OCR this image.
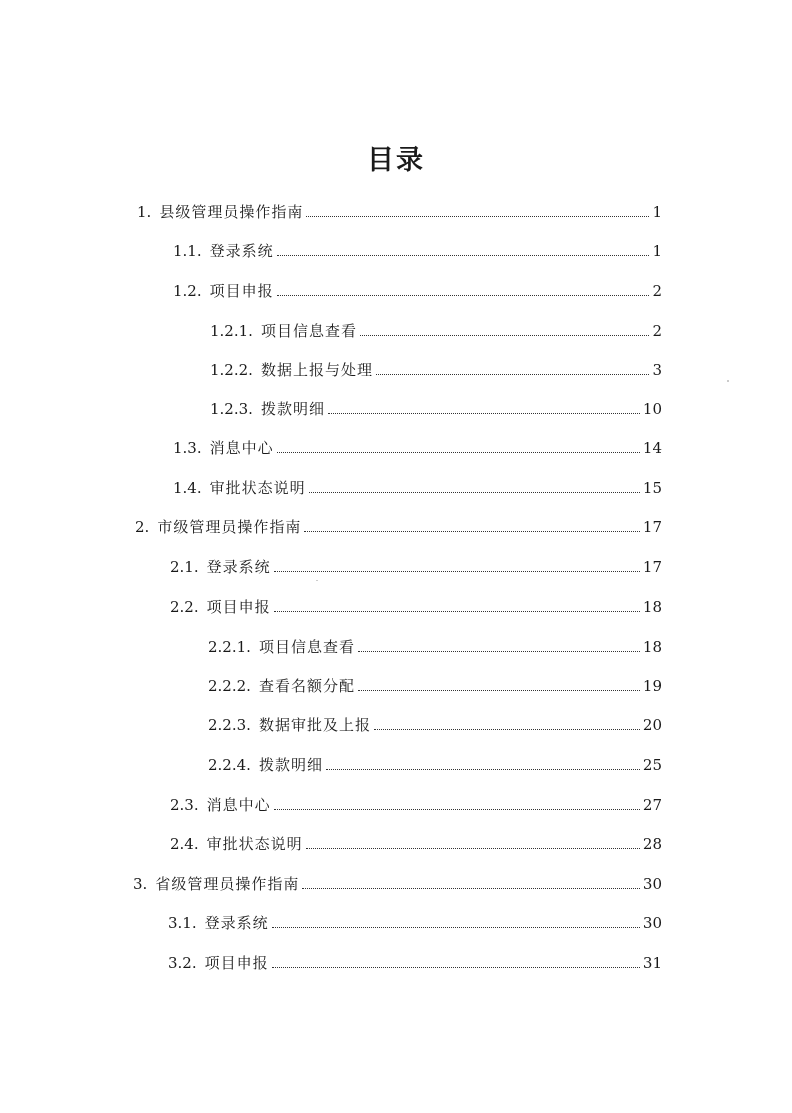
目录
1. 县级管理员操作指南	1
1.1. 登录系统	1
1.2. 项目申报	2
1.2.1. 项目信息查看	2
1.2.2. 数据上报与处理	3
1.2.3. 拨款明细	10
1.3. 消息中心	14
1.4. 审批状态说明	15
2. 市级管理员操作指南	17
2.1. 登录系统	17
2.2. 项目申报	18
2.2.1. 项目信息查看	18
2.2.2. 查看名额分配	19
2.2.3. 数据审批及上报	20
2.2.4. 拨款明细	25
2.3. 消息中心	27
2.4. 审批状态说明	28
3. 省级管理员操作指南	30
3.1. 登录系统	30
3.2. 项目申报	31
